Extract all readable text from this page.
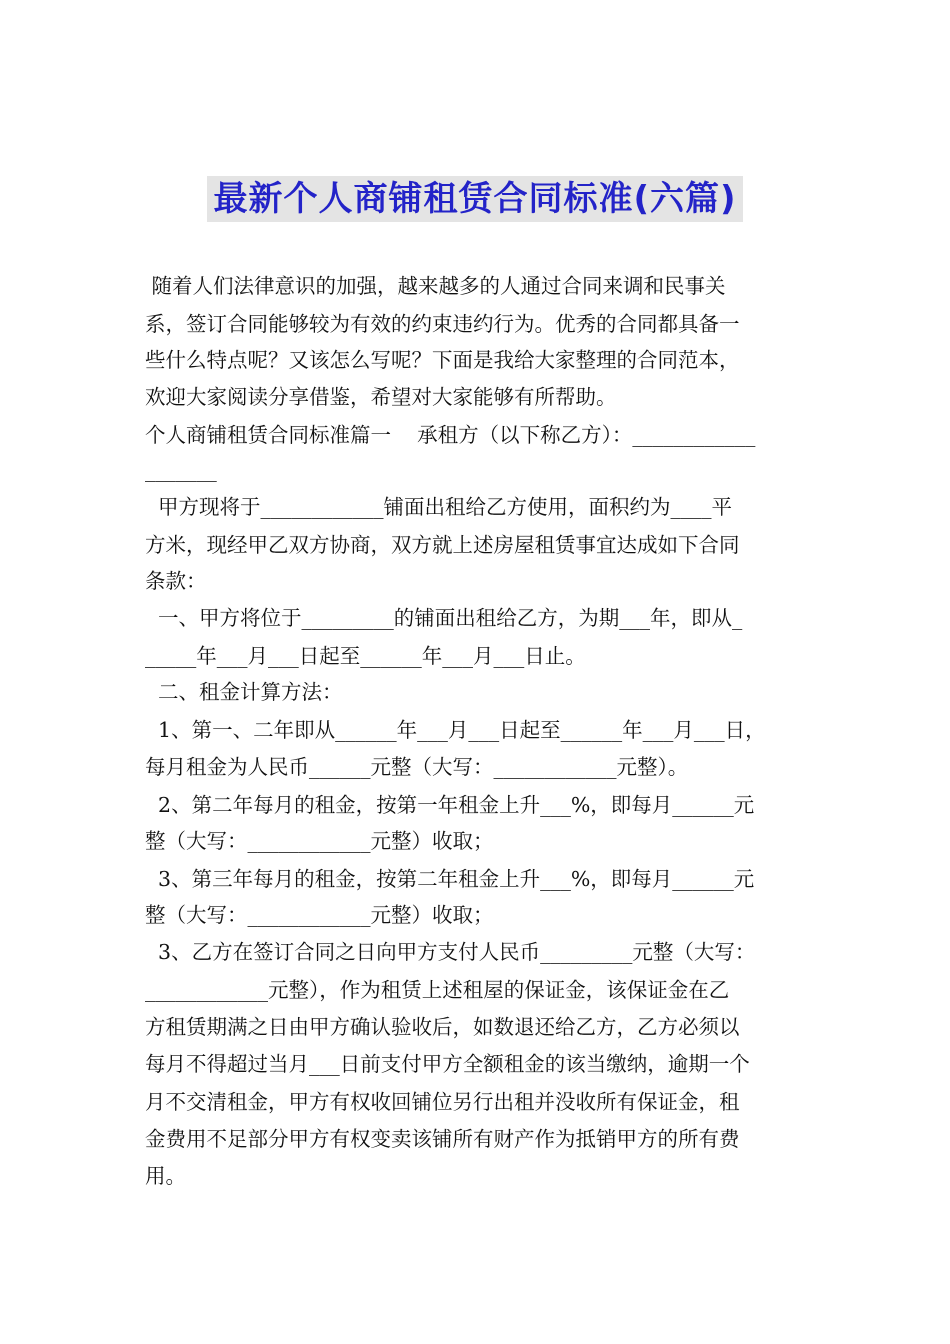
最新个人商铺租赁合同标准(六篇)
随着人们法律意识的加强，越来越多的人通过合同来调和民事关
系，签订合同能够较为有效的约束违约行为。优秀的合同都具备一
些什么特点呢？又该怎么写呢？下面是我给大家整理的合同范本，
欢迎大家阅读分享借鉴，希望对大家能够有所帮助。
个人商铺租赁合同标准篇一    承租方（以下称乙方）：____________
_______
甲方现将于____________铺面出租给乙方使用，面积约为____平
方米，现经甲乙双方协商，双方就上述房屋租赁事宜达成如下合同
条款：
一、甲方将位于_________的铺面出租给乙方，为期___年，即从_
_____年___月___日起至______年___月___日止。
二、租金计算方法：
1、第一、二年即从______年___月___日起至______年___月___日，
每月租金为人民币______元整（大写：____________元整）。
2、第二年每月的租金，按第一年租金上升___%，即每月______元
整（大写：____________元整）收取；
3、第三年每月的租金，按第二年租金上升___%，即每月______元
整（大写：____________元整）收取；
3、乙方在签订合同之日向甲方支付人民币_________元整（大写：
____________元整），作为租赁上述租屋的保证金，该保证金在乙
方租赁期满之日由甲方确认验收后，如数退还给乙方，乙方必须以
每月不得超过当月___日前支付甲方全额租金的该当缴纳，逾期一个
月不交清租金，甲方有权收回铺位另行出租并没收所有保证金，租
金费用不足部分甲方有权变卖该铺所有财产作为抵销甲方的所有费
用。
